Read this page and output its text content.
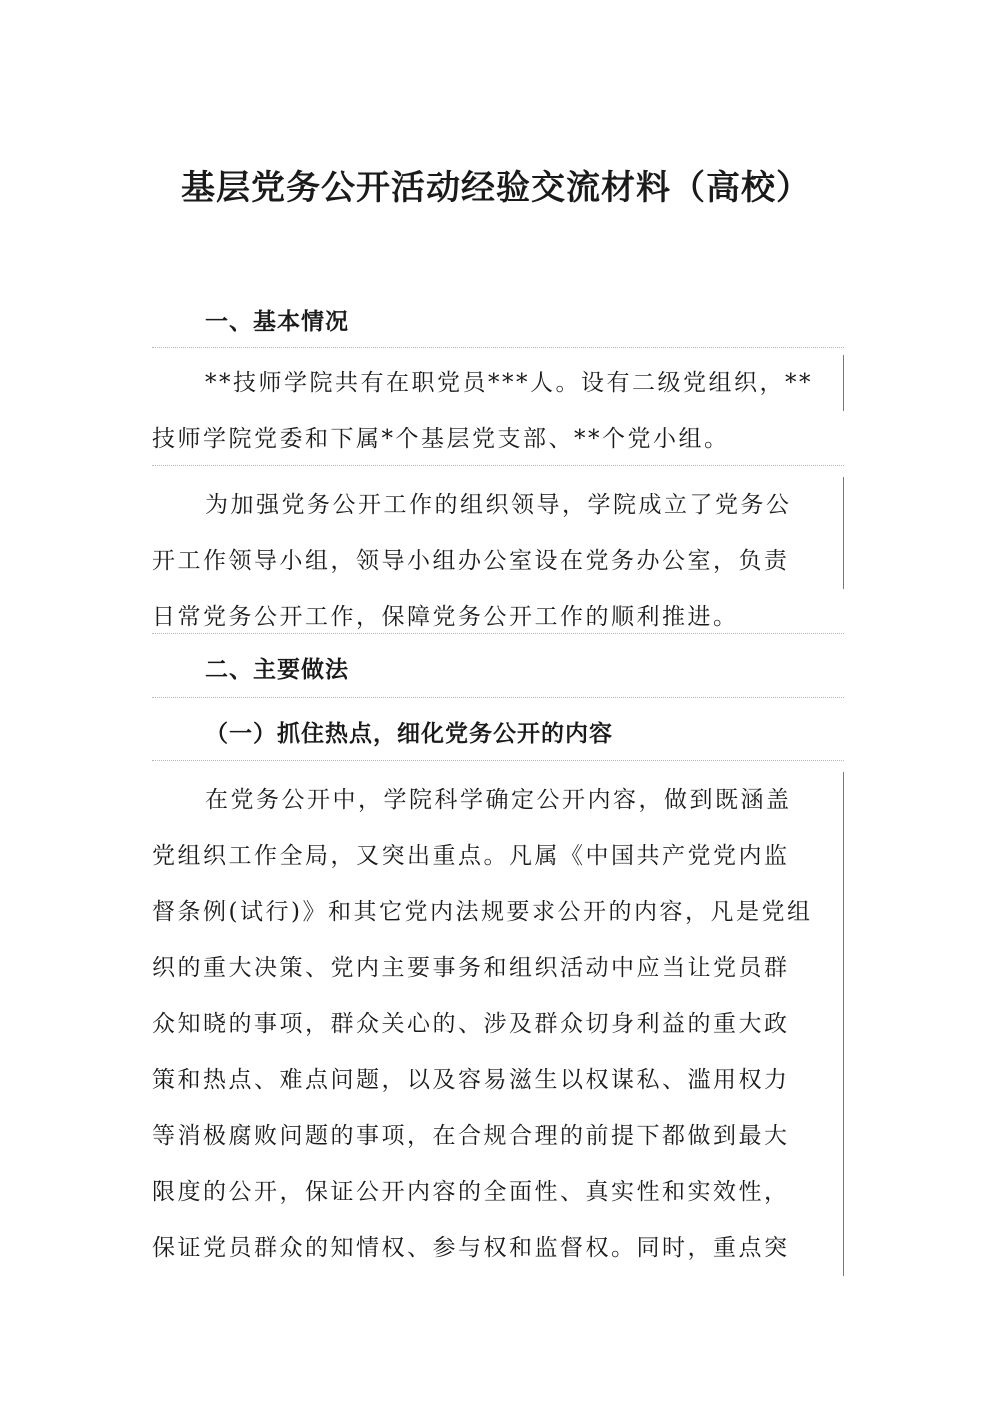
基层党务公开活动经验交流材料（高校）
一、基本情况
**技师学院共有在职党员***人。设有二级党组织，**
技师学院党委和下属*个基层党支部、**个党小组。
为加强党务公开工作的组织领导，学院成立了党务公
开工作领导小组，领导小组办公室设在党务办公室，负责
日常党务公开工作，保障党务公开工作的顺利推进。
二、主要做法
（一）抓住热点，细化党务公开的内容
在党务公开中，学院科学确定公开内容，做到既涵盖
党组织工作全局，又突出重点。凡属《中国共产党党内监
督条例(试行)》和其它党内法规要求公开的内容，凡是党组
织的重大决策、党内主要事务和组织活动中应当让党员群
众知晓的事项，群众关心的、涉及群众切身利益的重大政
策和热点、难点问题，以及容易滋生以权谋私、滥用权力
等消极腐败问题的事项，在合规合理的前提下都做到最大
限度的公开，保证公开内容的全面性、真实性和实效性，
保证党员群众的知情权、参与权和监督权。同时，重点突
